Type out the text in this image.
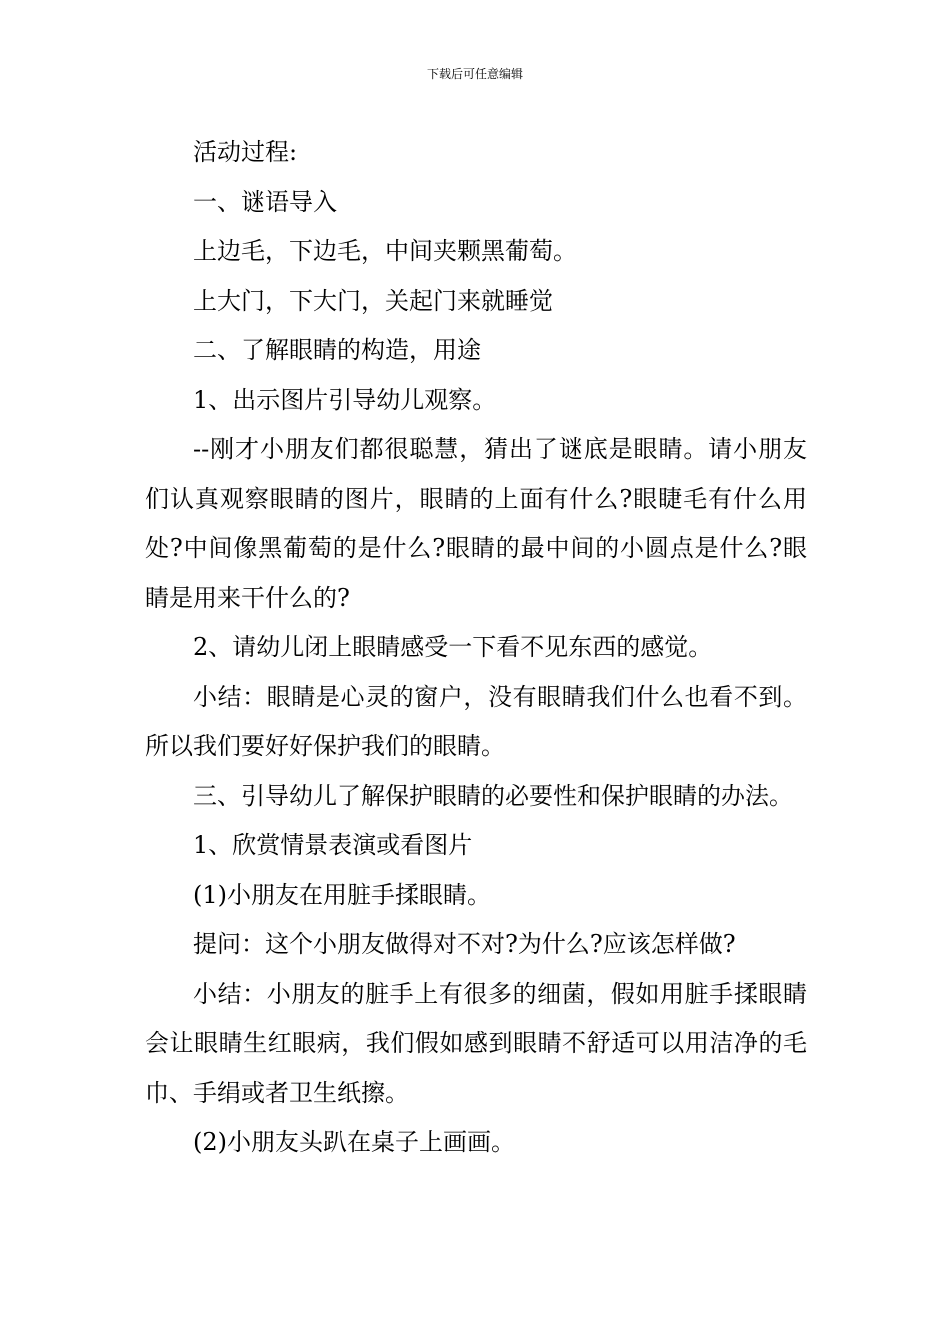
下载后可任意编辑

活动过程:

一、谜语导入

上边毛，下边毛，中间夹颗黑葡萄。

上大门，下大门，关起门来就睡觉

二、了解眼睛的构造，用途

1、出示图片引导幼儿观察。

--刚才小朋友们都很聪慧，猜出了谜底是眼睛。请小朋友们认真观察眼睛的图片，眼睛的上面有什么?眼睫毛有什么用处?中间像黑葡萄的是什么?眼睛的最中间的小圆点是什么?眼睛是用来干什么的?

2、请幼儿闭上眼睛感受一下看不见东西的感觉。

小结：眼睛是心灵的窗户，没有眼睛我们什么也看不到。所以我们要好好保护我们的眼睛。

三、引导幼儿了解保护眼睛的必要性和保护眼睛的办法。

1、欣赏情景表演或看图片

(1)小朋友在用脏手揉眼睛。

提问：这个小朋友做得对不对?为什么?应该怎样做?

小结：小朋友的脏手上有很多的细菌，假如用脏手揉眼睛会让眼睛生红眼病，我们假如感到眼睛不舒适可以用洁净的毛巾、手绢或者卫生纸擦。

(2)小朋友头趴在桌子上画画。
